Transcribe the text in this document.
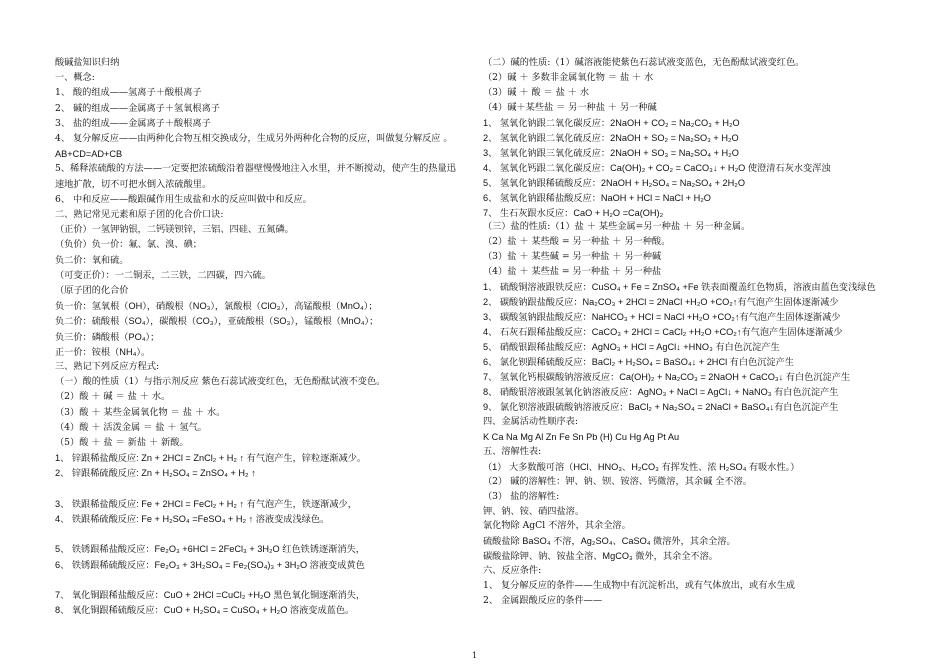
酸碱盐知识归纳
一、概念:
1、 酸的组成——氢离子＋酸根离子
2、 碱的组成——金属离子＋氢氧根离子
3、 盐的组成——金属离子＋酸根离子
4、 复分解反应——由两种化合物互相交换成分，生成另外两种化合物的反应，叫做复分解反应 。
AB+CD=AD+CB
5、稀释浓硫酸的方法——一定要把浓硫酸沿着器壁慢慢地注入水里，并不断搅动，使产生的热量迅
速地扩散，切不可把水倒入浓硫酸里。
6、 中和反应——酸跟碱作用生成盐和水的反应叫做中和反应。
二、熟记常见元素和原子团的化合价口诀:
（正价）一氢钾钠银，二钙镁钡锌，三铝、四硅、五氮磷。
（负价）负一价：氟、氯、溴、碘；
负二价：氧和硫。
（可变正价）：一二铜汞，二三铁，二四碳，四六硫。
（原子团的化合价
负一价：氢氧根（OH），硝酸根（NO₃），氯酸根（ClO₃），高锰酸根（MnO₄）；
负二价：硫酸根（SO₄），碳酸根（CO₃），亚硫酸根（SO₃），锰酸根（MnO₄）；
负三价：磷酸根（PO₄）；
正一价：铵根（NH₄）。
三、熟记下列反应方程式:
（一）酸的性质（1）与指示剂反应 紫色石蕊试液变红色，无色酚酞试液不变色。
（2）酸 ＋ 碱 ＝ 盐 ＋ 水。
（3）酸 ＋ 某些金属氧化物 ＝ 盐 ＋ 水。
（4）酸 ＋ 活泼金属 ＝ 盐 ＋ 氢气。
（5）酸 ＋ 盐 ＝ 新盐 ＋ 新酸。
1、 锌跟稀盐酸反应: Zn + 2HCl = ZnCl₂ + H₂ ↑ 有气泡产生，锌粒逐渐减少。
2、 锌跟稀硫酸反应: Zn + H₂SO₄ = ZnSO₄ + H₂ ↑
3、 铁跟稀盐酸反应: Fe + 2HCl = FeCl₂ + H₂ ↑ 有气泡产生，铁逐渐减少，
4、 铁跟稀硫酸反应: Fe + H₂SO₄ =FeSO₄ + H₂ ↑ 溶液变成浅绿色。
5、 铁锈跟稀盐酸反应：Fe₂O₃ +6HCl = 2FeCl₃ + 3H₂O 红色铁锈逐渐消失，
6、 铁锈跟稀硫酸反应：Fe₂O₃ + 3H₂SO₄ = Fe₂(SO₄)₃ + 3H₂O 溶液变成黄色
7、 氧化铜跟稀盐酸反应：CuO + 2HCl =CuCl₂ +H₂O 黑色氧化铜逐渐消失，
8、 氧化铜跟稀硫酸反应：CuO + H₂SO₄ = CuSO₄ + H₂O 溶液变成蓝色。
（二）碱的性质:（1）碱溶液能使紫色石蕊试液变蓝色，无色酚酞试液变红色。
（2）碱 ＋ 多数非金属氧化物 ＝ 盐 ＋ 水
（3）碱 ＋ 酸 ＝ 盐 ＋ 水
（4）碱＋某些盐 ＝ 另一种盐 ＋ 另一种碱
1、 氢氧化钠跟二氧化碳反应：2NaOH + CO₂ = Na₂CO₃ + H₂O
2、 氢氧化钠跟二氧化硫反应：2NaOH + SO₂ = Na₂SO₃ + H₂O
3、 氢氧化钠跟三氧化硫反应：2NaOH + SO₃ = Na₂SO₄ + H₂O
4、 氢氧化钙跟二氧化碳反应：Ca(OH)₂ + CO₂ = CaCO₃↓ + H₂O 使澄清石灰水变浑浊
5、 氢氧化钠跟稀硫酸反应：2NaOH + H₂SO₄ = Na₂SO₄ + 2H₂O
6、 氢氧化钠跟稀盐酸反应：NaOH + HCl = NaCl + H₂O
7、 生石灰跟水反应：CaO + H₂O =Ca(OH)₂
（三）盐的性质:（1）盐 ＋ 某些金属=另一种盐 ＋ 另一种金属。
（2）盐 ＋ 某些酸 = 另一种盐 ＋ 另一种酸。
（3）盐 ＋ 某些碱 = 另一种盐 ＋ 另一种碱
（4）盐 ＋ 某些盐 = 另一种盐 ＋ 另一种盐
1、 硫酸铜溶液跟铁反应：CuSO₄ + Fe = ZnSO₄ +Fe 铁表面覆盖红色物质，溶液由蓝色变浅绿色
2、 碳酸钠跟盐酸反应：Na₂CO₃ + 2HCl = 2NaCl +H₂O +CO₂↑有气泡产生固体逐渐减少
3、 碳酸氢钠跟盐酸反应：NaHCO₃ + HCl = NaCl +H₂O +CO₂↑有气泡产生固体逐渐减少
4、 石灰石跟稀盐酸反应：CaCO₃ + 2HCl = CaCl₂ +H₂O +CO₂↑有气泡产生固体逐渐减少
5、 硝酸银跟稀盐酸反应：AgNO₃ + HCl = AgCl↓ +HNO₃ 有白色沉淀产生
6、 氯化钡跟稀硫酸反应：BaCl₂ + H₂SO₄ = BaSO₄↓ + 2HCl 有白色沉淀产生
7、 氢氧化钙根碳酸钠溶液反应：Ca(OH)₂ + Na₂CO₃ = 2NaOH + CaCO₃↓ 有白色沉淀产生
8、 硝酸银溶液跟氢氧化钠溶液反应：AgNO₃ + NaCl = AgCl↓ + NaNO₃ 有白色沉淀产生
9、 氯化钡溶液跟硫酸钠溶液反应：BaCl₂ + Na₂SO₄ = 2NaCl + BaSO₄↓有白色沉淀产生
四、金属活动性顺序表:
K Ca Na Mg Al Zn Fe Sn Pb (H) Cu Hg Ag Pt Au
五、溶解性表:
（1） 大多数酸可溶（HCl、HNO₃、H₂CO₃ 有挥发性、浓 H₂SO₄ 有吸水性。）
（2） 碱的溶解性：钾、钠、钡、铵溶、钙微溶，其余碱 全不溶。
（3） 盐的溶解性:
钾、钠、铵、硝四盐溶。
氯化物除 AgCl 不溶外，其余全溶。
硫酸盐除 BaSO₄ 不溶，Ag₂SO₄、CaSO₄ 微溶外，其余全溶。
碳酸盐除钾、钠、铵盐全溶、MgCO₃ 微外，其余全不溶。
六、反应条件:
1、 复分解反应的条件——生成物中有沉淀析出，或有气体放出，或有水生成
2、 金属跟酸反应的条件——
1
